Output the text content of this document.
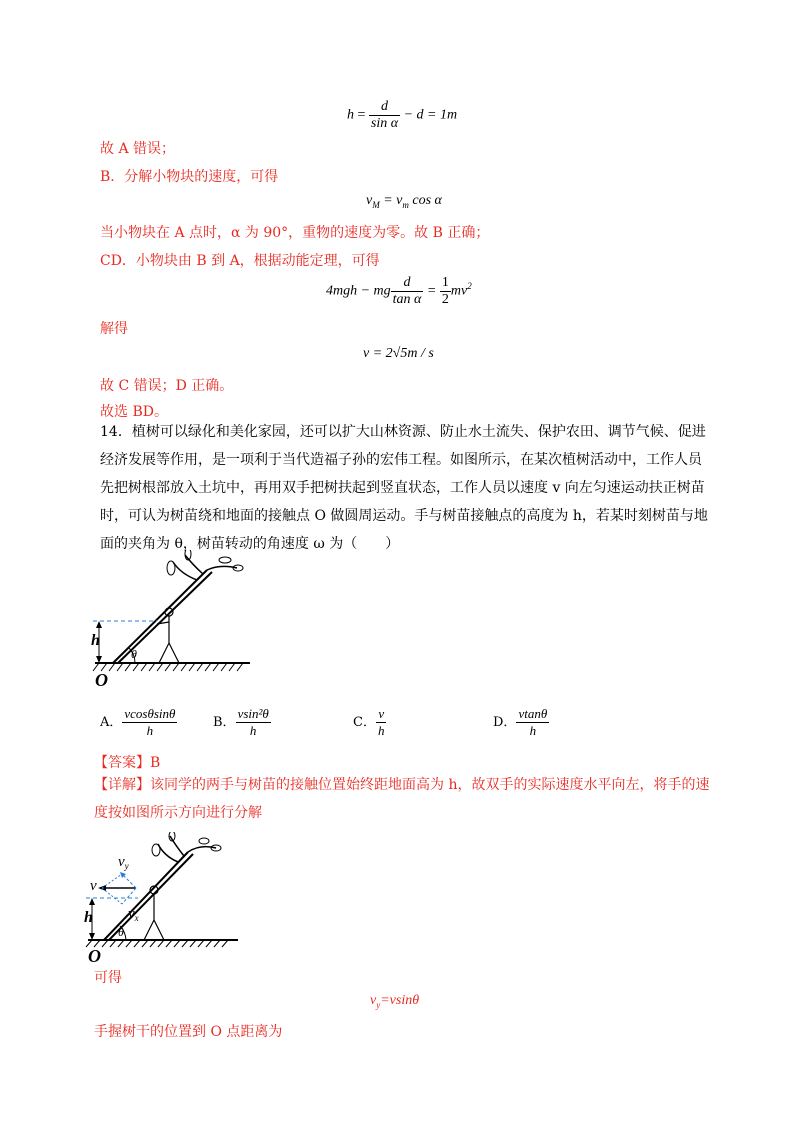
$h = \frac{d}{\text{sin α}} - d = 1m$
故 A 错误；
B．分解小物块的速度，可得
$v_M = v_m$ cos α
当小物块在 A 点时，α 为 90°，重物的速度为零。故 B 正确；
CD．小物块由 B 到 A，根据动能定理，可得
4mgh − mg $\frac{d}{\text{tan α}} = \frac{1}{2} mv^2$
解得
v = 2√5m / s
故 C 错误；D 正确。
故选 BD。
14．植树可以绿化和美化家园，还可以扩大山林资源、防止水土流失、保护农田、调节气候、促进经济发展等作用，是一项利于当代造福子孙的宏伟工程。如图所示，在某次植树活动中，工作人员先把树根部放入土坑中，再用双手把树扶起到竖直状态，工作人员以速度 v 向左匀速运动扶正树苗时，可认为树苗绕和地面的接触点 O 做圆周运动。手与树苗接触点的高度为 h，若某时刻树苗与地面的夹角为 θ，树苗转动的角速度 ω 为（　　）
h
θ
O
A． $\frac{vcos\theta\sin\theta}{h}$	B． $\frac{\text{vsin²θ}}{h}$	C． $\frac{v}{h}$	D． $\frac{vtan\theta}{h}$
【答案】B
【详解】该同学的两手与树苗的接触位置始终距地面高为 h，故双手的实际速度水平向左，将手的速度按如图所示方向进行分解
$v_y$
v
$v_x$
h
θ
O
可得
$v_y=vsin\theta$
手握树干的位置到 O 点距离为
